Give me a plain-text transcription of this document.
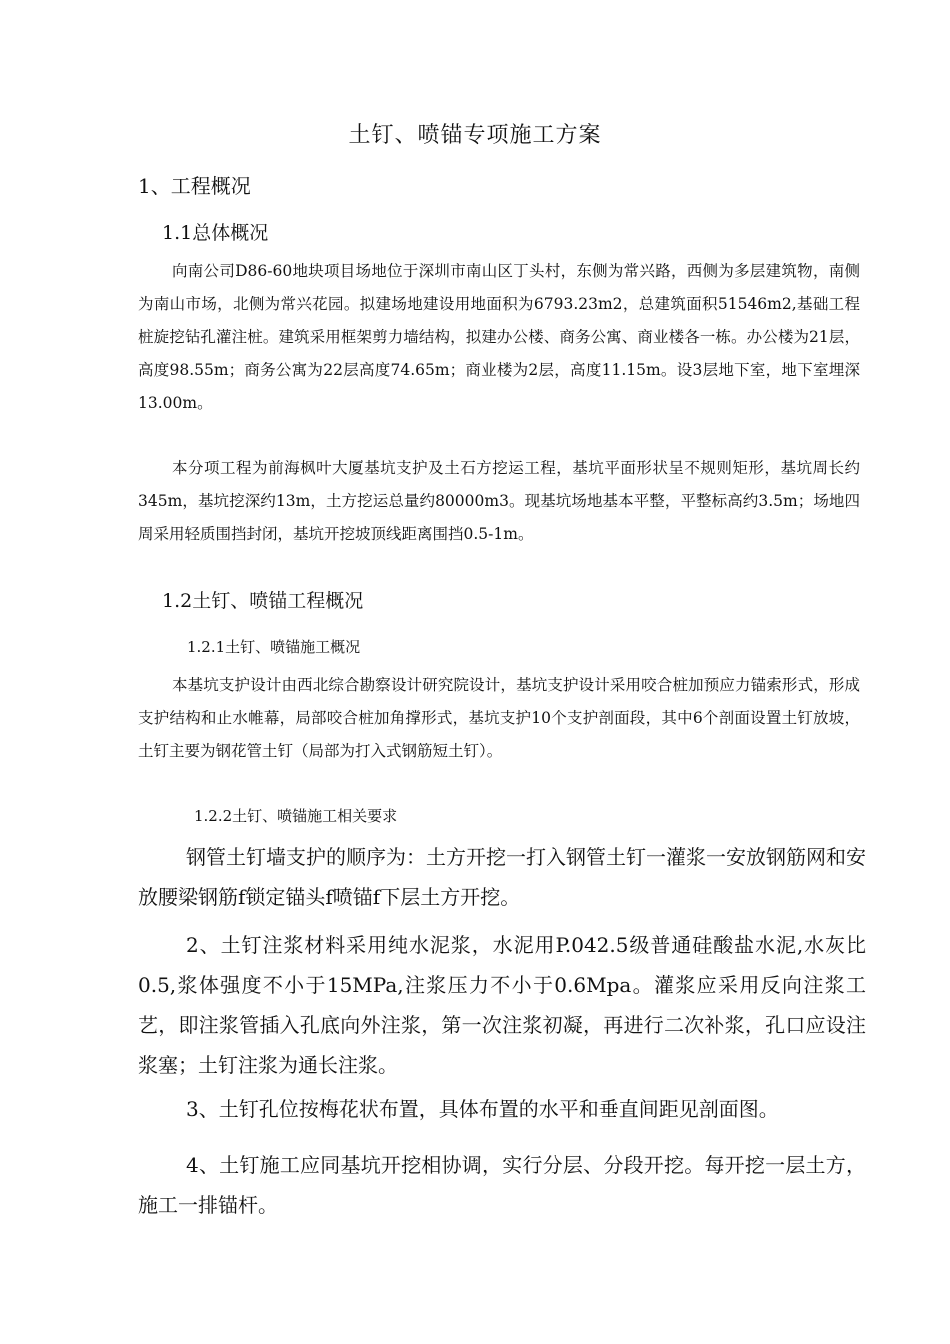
土钉、喷锚专项施工方案
1、工程概况
1.1总体概况

向南公司D86-60地块项目场地位于深圳市南山区丁头村，东侧为常兴路，西侧为多层建筑物，南侧为南山市场，北侧为常兴花园。拟建场地建设用地面积为6793.23m2，总建筑面积51546m2,基础工程桩旋挖钻孔灌注桩。建筑采用框架剪力墙结构，拟建办公楼、商务公寓、商业楼各一栋。办公楼为21层，高度98.55m；商务公寓为22层高度74.65m；商业楼为2层，高度11.15m。设3层地下室，地下室埋深13.00m。

本分项工程为前海枫叶大厦基坑支护及土石方挖运工程，基坑平面形状呈不规则矩形，基坑周长约345m，基坑挖深约13m，土方挖运总量约80000m3。现基坑场地基本平整，平整标高约3.5m；场地四周采用轻质围挡封闭，基坑开挖坡顶线距离围挡0.5-1m。

1.2土钉、喷锚工程概况
1.2.1土钉、喷锚施工概况

本基坑支护设计由西北综合勘察设计研究院设计，基坑支护设计采用咬合桩加预应力锚索形式，形成支护结构和止水帷幕，局部咬合桩加角撑形式，基坑支护10个支护剖面段，其中6个剖面设置土钉放坡，土钉主要为钢花管土钉（局部为打入式钢筋短土钉）。

1.2.2土钉、喷锚施工相关要求

钢管土钉墙支护的顺序为：土方开挖一打入钢管土钉一灌浆一安放钢筋网和安放腰梁钢筋f锁定锚头f喷锚f下层土方开挖。

2、土钉注浆材料采用纯水泥浆，水泥用P.042.5级普通硅酸盐水泥,水灰比0.5,浆体强度不小于15MPa,注浆压力不小于0.6Mpa。灌浆应采用反向注浆工艺，即注浆管插入孔底向外注浆，第一次注浆初凝，再进行二次补浆，孔口应设注浆塞；土钉注浆为通长注浆。

3、土钉孔位按梅花状布置，具体布置的水平和垂直间距见剖面图。

4、土钉施工应同基坑开挖相协调，实行分层、分段开挖。每开挖一层土方，施工一排锚杆。
